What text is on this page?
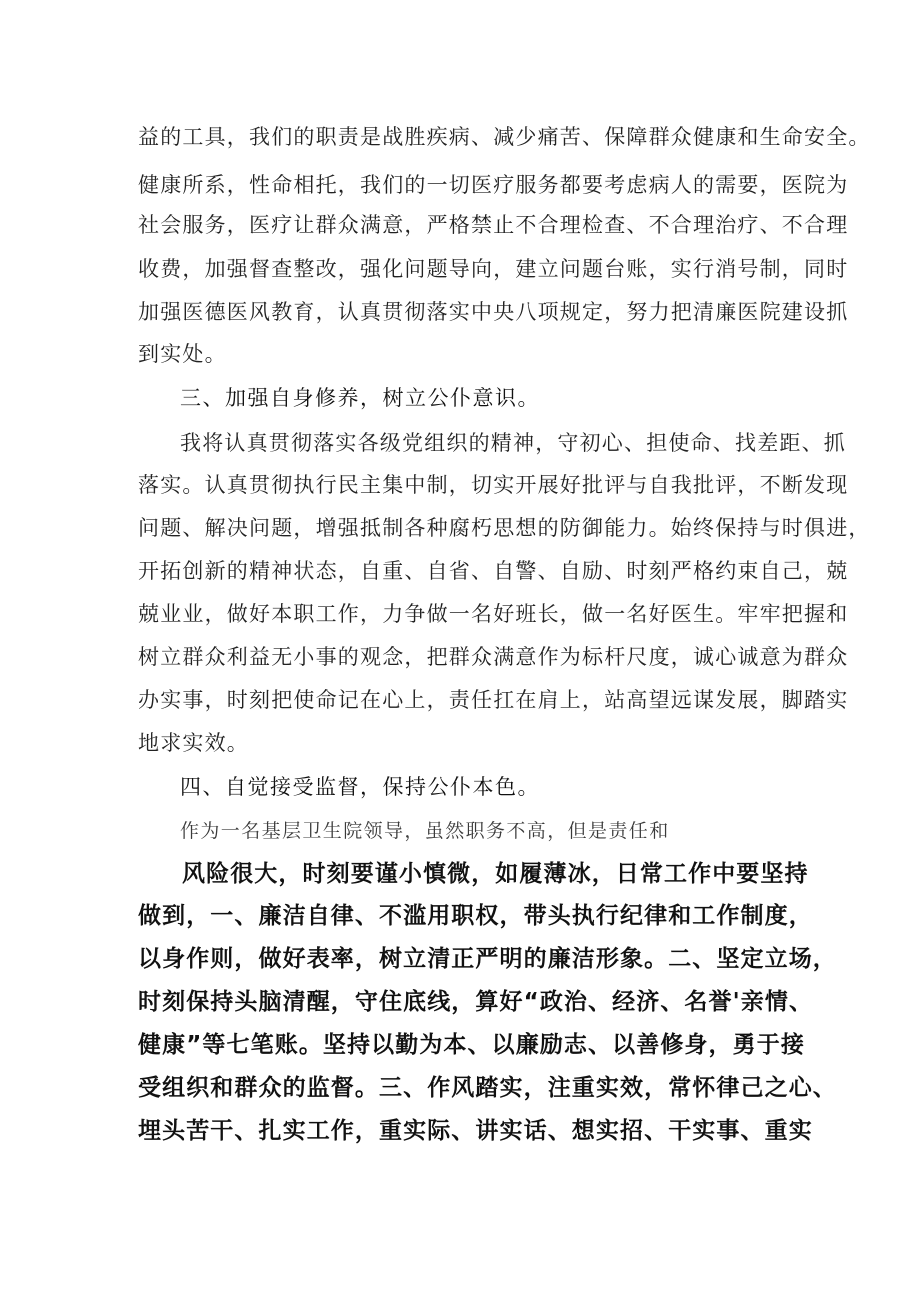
益的工具，我们的职责是战胜疾病、减少痛苦、保障群众健康和生命安全。
健康所系，性命相托，我们的一切医疗服务都要考虑病人的需要，医院为
社会服务，医疗让群众满意，严格禁止不合理检查、不合理治疗、不合理
收费，加强督查整改，强化问题导向，建立问题台账，实行消号制，同时
加强医德医风教育，认真贯彻落实中央八项规定，努力把清廉医院建设抓
到实处。
三、加强自身修养，树立公仆意识。
我将认真贯彻落实各级党组织的精神，守初心、担使命、找差距、抓
落实。认真贯彻执行民主集中制，切实开展好批评与自我批评，不断发现
问题、解决问题，增强抵制各种腐朽思想的防御能力。始终保持与时俱进，
开拓创新的精神状态，自重、自省、自警、自励、时刻严格约束自己，兢
兢业业，做好本职工作，力争做一名好班长，做一名好医生。牢牢把握和
树立群众利益无小事的观念，把群众满意作为标杆尺度，诚心诚意为群众
办实事，时刻把使命记在心上，责任扛在肩上，站高望远谋发展，脚踏实
地求实效。
四、自觉接受监督，保持公仆本色。
作为一名基层卫生院领导，虽然职务不高，但是责任和
风险很大，时刻要谨小慎微，如履薄冰，日常工作中要坚持
做到，一、廉洁自律、不滥用职权，带头执行纪律和工作制度，
以身作则，做好表率，树立清正严明的廉洁形象。二、坚定立场，
时刻保持头脑清醒，守住底线，算好“政治、经济、名誉'亲情、
健康”等七笔账。坚持以勤为本、以廉励志、以善修身，勇于接
受组织和群众的监督。三、作风踏实，注重实效，常怀律己之心、
埋头苦干、扎实工作，重实际、讲实话、想实招、干实事、重实
